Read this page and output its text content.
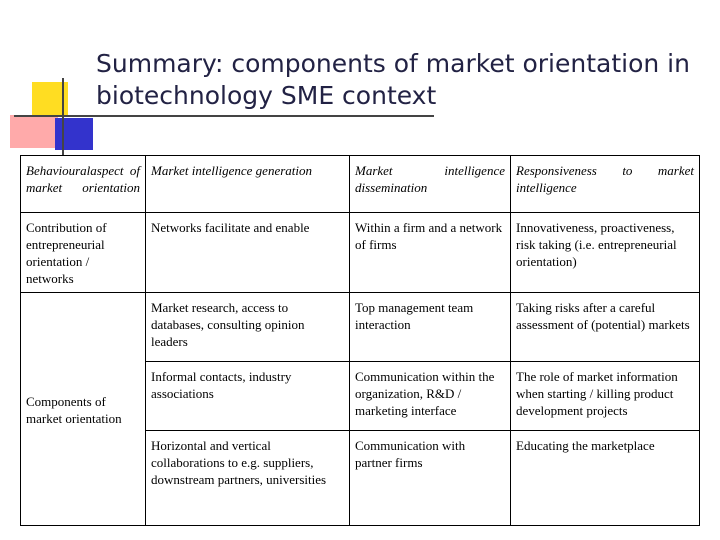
Summary: components of market orientation in
biotechnology SME context
Behaviouralaspect of market orientation	Market intelligence generation	Market intelligence dissemination	Responsiveness to market intelligence
Contribution of entrepreneurial orientation / networks	Networks facilitate and enable	Within a firm and a network of firms	Innovativeness, proactiveness, risk taking (i.e. entrepreneurial orientation)
Components of market orientation	Market research, access to databases, consulting opinion leaders	Top management team interaction	Taking risks after a careful assessment of (potential) markets
	Informal contacts, industry associations	Communication within the organization, R&D / marketing interface	The role of market information when starting / killing product development projects
	Horizontal and vertical collaborations to e.g. suppliers, downstream partners, universities	Communication with partner firms	Educating the marketplace
